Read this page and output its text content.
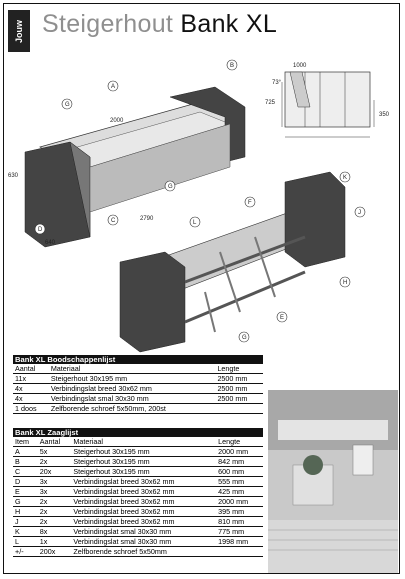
Jouw Steigerhout Bank XL
1000
725
73°
350
2000
630
2790
640
A
B
G
C
D
G
K
J
L
F
H
E
G
Bank XL Boodschappenlijst		
Aantal	Materiaal	Lengte
11x	Steigerhout 30x195 mm	2500 mm
4x	Verbindingslat breed 30x62 mm	2500 mm
4x	Verbindingslat smal 30x30 mm	2500 mm
1 doos	Zelfborende schroef 5x50mm, 200st	
Bank XL Zaaglijst			
Item	Aantal	Materiaal	Lengte
A	5x	Steigerhout 30x195 mm	2000 mm
B	2x	Steigerhout 30x195 mm	842 mm
C	20x	Steigerhout 30x195 mm	600 mm
D	3x	Verbindingslat breed 30x62 mm	555 mm
E	3x	Verbindingslat breed 30x62 mm	425 mm
G	2x	Verbindingslat breed 30x62 mm	2000 mm
H	2x	Verbindingslat breed 30x62 mm	395 mm
J	2x	Verbindingslat breed 30x62 mm	810 mm
K	8x	Verbindingslat smal 30x30 mm	775 mm
L	1x	Verbindingslat smal 30x30 mm	1998 mm
+/-	200x	Zelfborende schroef 5x50mm	
